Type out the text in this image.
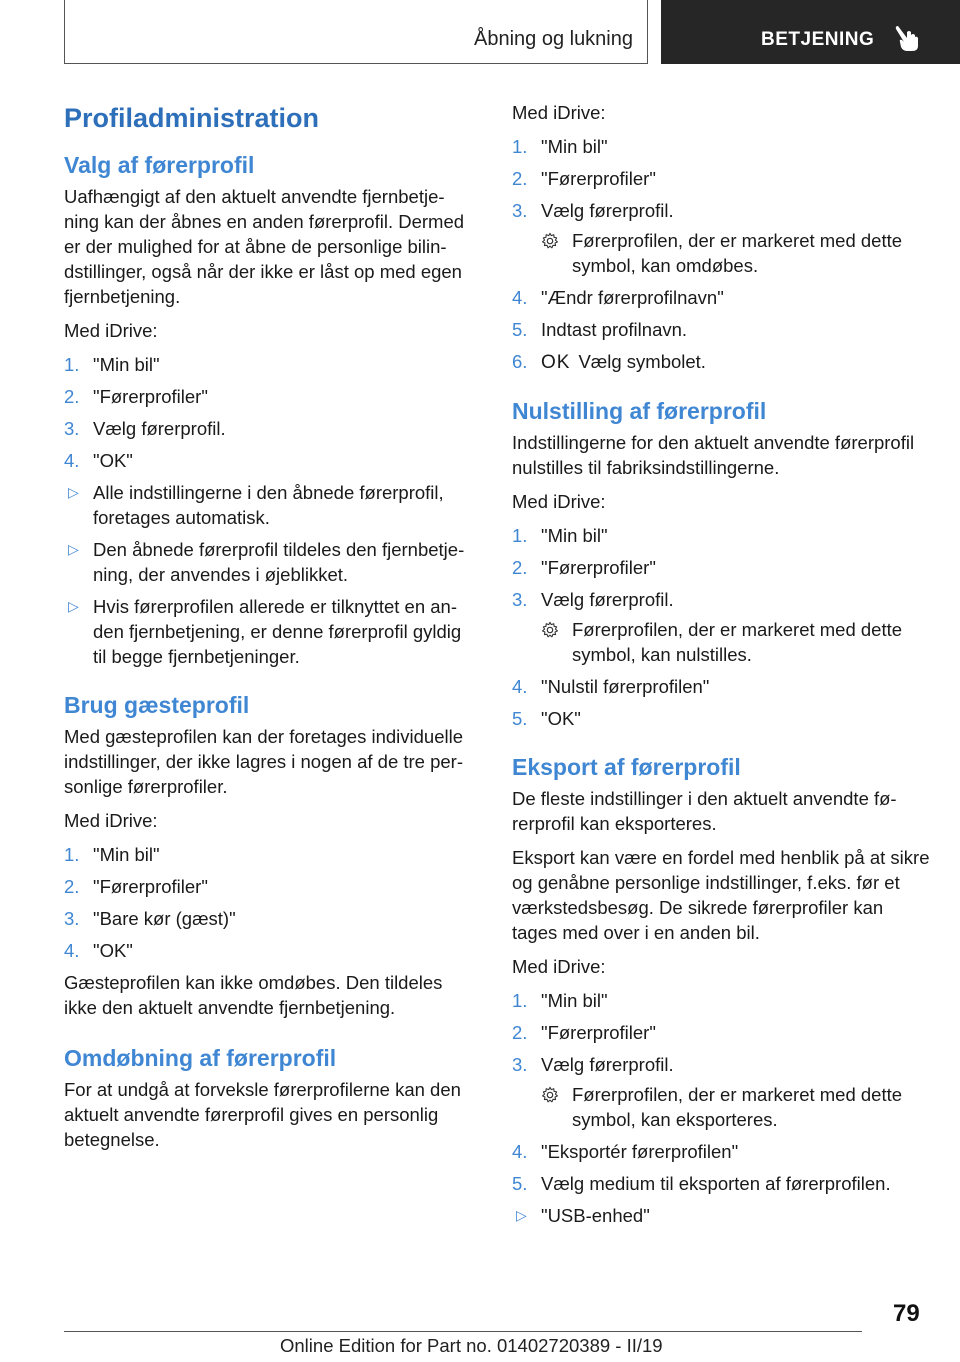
Åbning og lukning	BETJENING
Profiladministration
Valg af førerprofil

Uafhængigt af den aktuelt anvendte fjernbetje-ning kan der åbnes en anden førerprofil. Dermed er der mulighed for at åbne de personlige bilin-dstillinger, også når der ikke er låst op med egen fjernbetjening.

Med iDrive:

1. "Min bil"
2. "Førerprofiler"
3. Vælg førerprofil.
4. "OK"
▷ Alle indstillingerne i den åbnede førerprofil, foretages automatisk.
▷ Den åbnede førerprofil tildeles den fjernbetje-ning, der anvendes i øjeblikket.
▷ Hvis førerprofilen allerede er tilknyttet en an-den fjernbetjening, er denne førerprofil gyldig til begge fjernbetjeninger.
Brug gæsteprofil

Med gæsteprofilen kan der foretages individuelle indstillinger, der ikke lagres i nogen af de tre per-sonlige førerprofiler.

Med iDrive:

1. "Min bil"
2. "Førerprofiler"
3. "Bare kør (gæst)"
4. "OK"

Gæsteprofilen kan ikke omdøbes. Den tildeles ikke den aktuelt anvendte fjernbetjening.

Omdøbning af førerprofil

For at undgå at forveksle førerprofilerne kan den aktuelt anvendte førerprofil gives en personlig betegnelse.

Med iDrive:

1. "Min bil"
2. "Førerprofiler"
3. Vælg førerprofil.
Førerprofilen, der er markeret med dette symbol, kan omdøbes.
4. "Ændr førerprofilnavn"
5. Indtast profilnavn.
6. OK Vælg symbolet.
Nulstilling af førerprofil

Indstillingerne for den aktuelt anvendte førerprofil nulstilles til fabriksindstillingerne.

Med iDrive:

1. "Min bil"
2. "Førerprofiler"
3. Vælg førerprofil.
Førerprofilen, der er markeret med dette symbol, kan nulstilles.
4. "Nulstil førerprofilen"
5. "OK"
Eksport af førerprofil

De fleste indstillinger i den aktuelt anvendte fø-rerprofil kan eksporteres.

Eksport kan være en fordel med henblik på at sikre og genåbne personlige indstillinger, f.eks. før et værkstedsbesøg. De sikrede førerprofiler kan tages med over i en anden bil.

Med iDrive:

1. "Min bil"
2. "Førerprofiler"
3. Vælg førerprofil.
Førerprofilen, der er markeret med dette symbol, kan eksporteres.
4. "Eksportér førerprofilen"
5. Vælg medium til eksporten af førerprofilen.
▷ "USB-enhed"
79
Online Edition for Part no. 01402720389 - II/19
